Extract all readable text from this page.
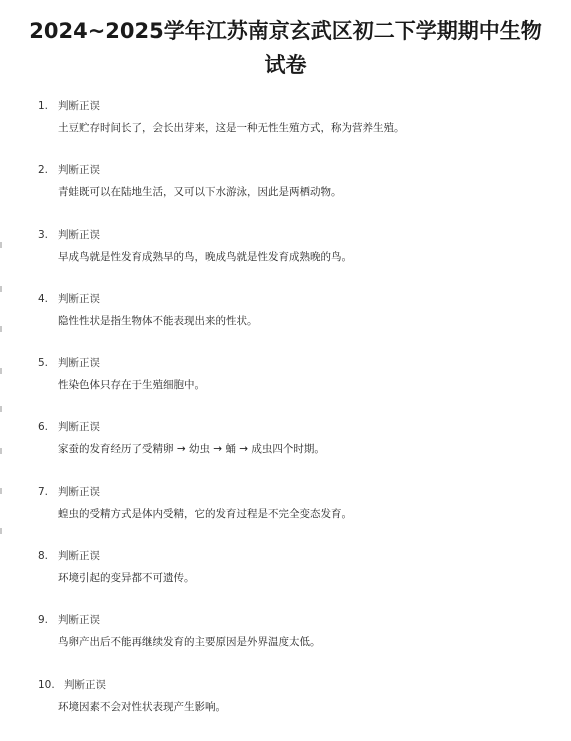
2024~2025学年江苏南京玄武区初二下学期期中生物
试卷
1. 判断正误
土豆贮存时间长了，会长出芽来，这是一种无性生殖方式，称为营养生殖。
2. 判断正误
青蛙既可以在陆地生活，又可以下水游泳，因此是两栖动物。
3. 判断正误
早成鸟就是性发育成熟早的鸟，晚成鸟就是性发育成熟晚的鸟。
4. 判断正误
隐性性状是指生物体不能表现出来的性状。
5. 判断正误
性染色体只存在于生殖细胞中。
6. 判断正误
家蚕的发育经历了受精卵 → 幼虫 → 蛹 → 成虫四个时期。
7. 判断正误
蝗虫的受精方式是体内受精，它的发育过程是不完全变态发育。
8. 判断正误
环境引起的变异都不可遗传。
9. 判断正误
鸟卵产出后不能再继续发育的主要原因是外界温度太低。
10. 判断正误
环境因素不会对性状表现产生影响。
